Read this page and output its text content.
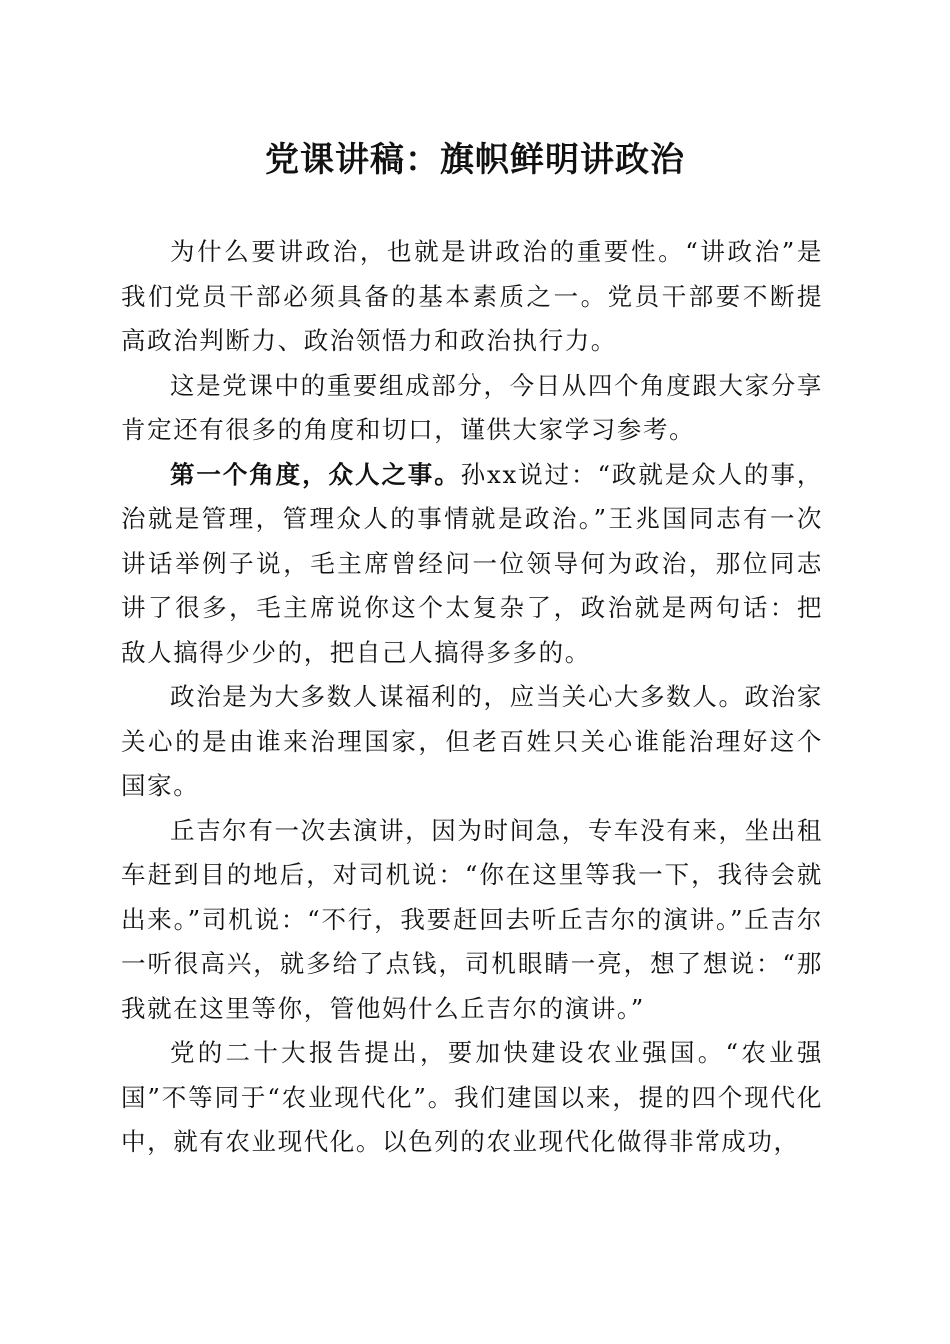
党课讲稿：旗帜鲜明讲政治

为什么要讲政治，也就是讲政治的重要性。“讲政治”是我们党员干部必须具备的基本素质之一。党员干部要不断提高政治判断力、政治领悟力和政治执行力。

这是党课中的重要组成部分，今日从四个角度跟大家分享肯定还有很多的角度和切口，谨供大家学习参考。

第一个角度，众人之事。孙xx说过：“政就是众人的事，治就是管理，管理众人的事情就是政治。”王兆国同志有一次讲话举例子说，毛主席曾经问一位领导何为政治，那位同志讲了很多，毛主席说你这个太复杂了，政治就是两句话：把敌人搞得少少的，把自己人搞得多多的。

政治是为大多数人谋福利的，应当关心大多数人。政治家关心的是由谁来治理国家，但老百姓只关心谁能治理好这个国家。

丘吉尔有一次去演讲，因为时间急，专车没有来，坐出租车赶到目的地后，对司机说：“你在这里等我一下，我待会就出来。”司机说：“不行，我要赶回去听丘吉尔的演讲。”丘吉尔一听很高兴，就多给了点钱，司机眼睛一亮，想了想说：“那我就在这里等你，管他妈什么丘吉尔的演讲。”

党的二十大报告提出，要加快建设农业强国。“农业强国”不等同于“农业现代化”。我们建国以来，提的四个现代化中，就有农业现代化。以色列的农业现代化做得非常成功，
